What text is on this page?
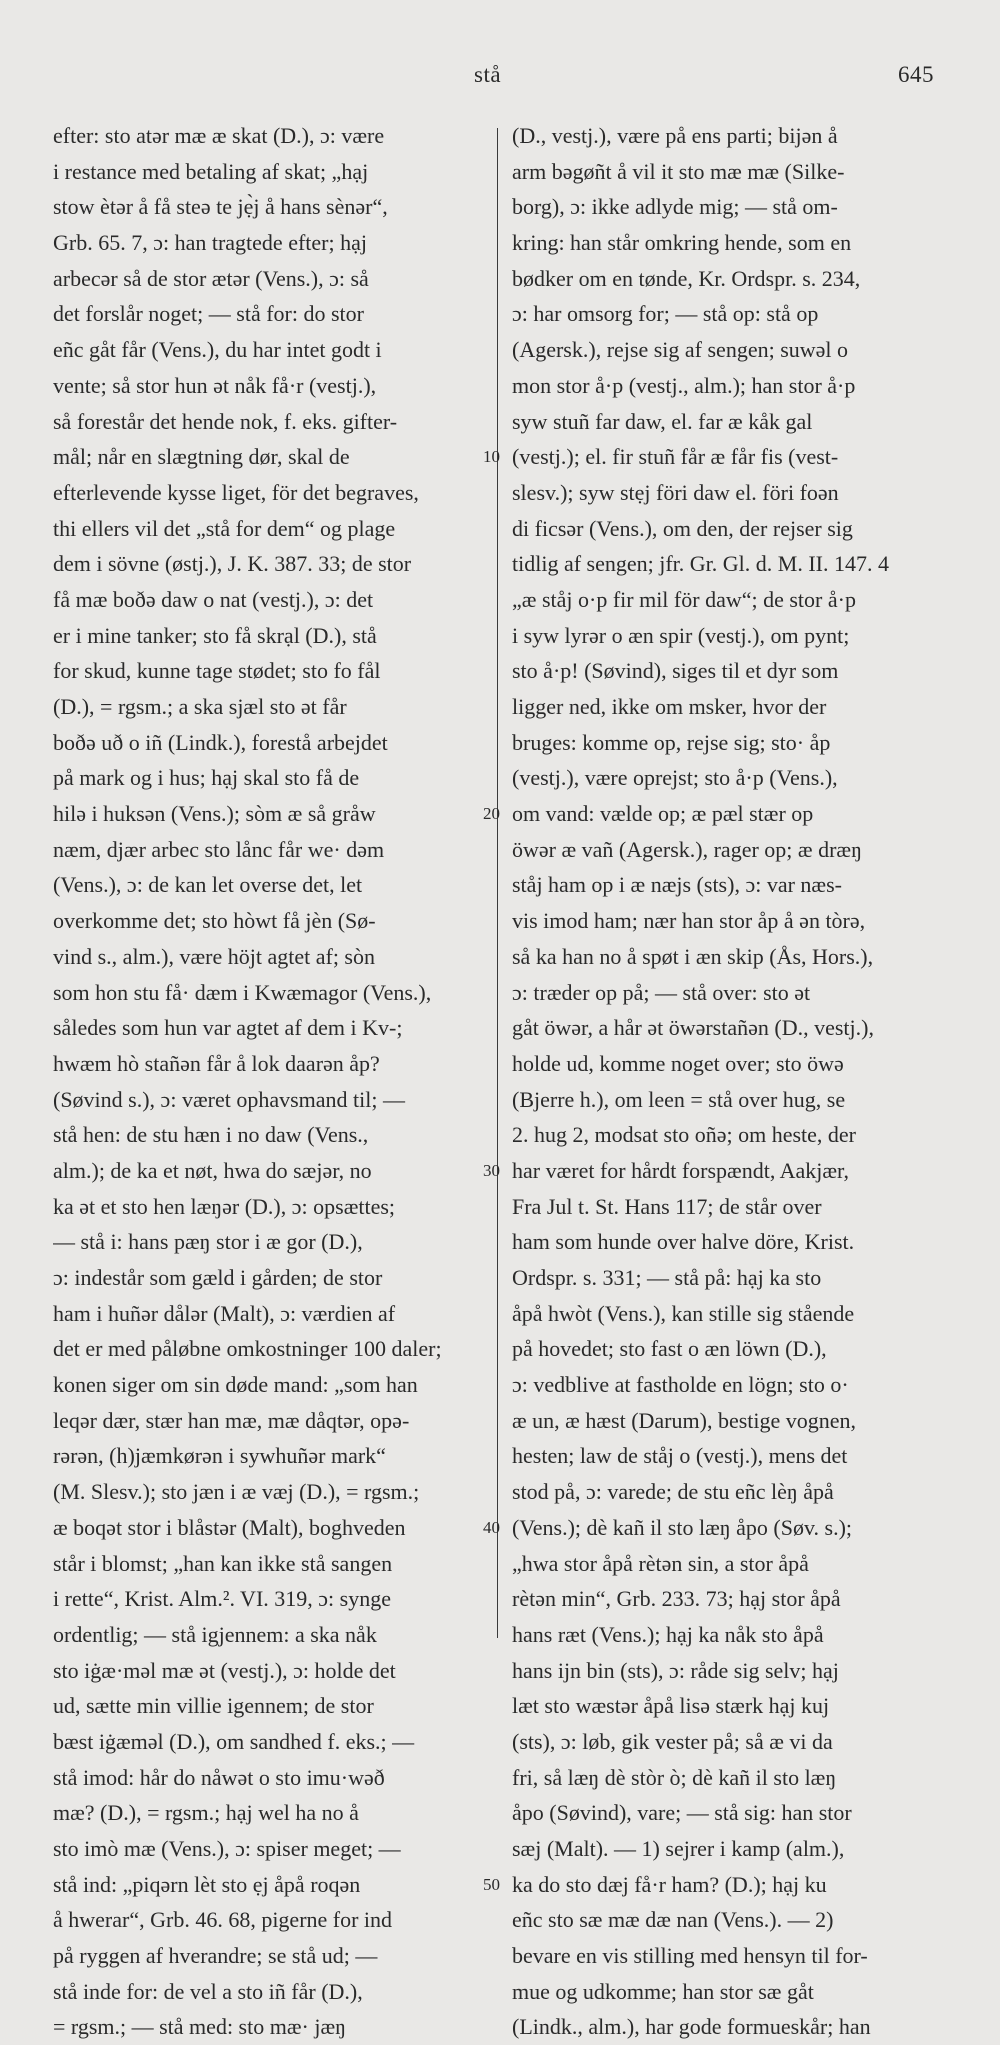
stå	645
efter: sto atər mæ æ skat (D.), ɔ: være
i restance med betaling af skat; „hạj
stow ètər å få steə te jẹ̀j å hans sènər“,
Grb. 65. 7, ɔ: han tragtede efter; hạj
arbecər så de stor ætər (Vens.), ɔ: så
det forslår noget; — stå for: do stor
eñc gåt får (Vens.), du har intet godt i
vente; så stor hun ət nåk få·r (vestj.),
så forestår det hende nok, f. eks. gifter-
mål; når en slægtning dør, skal de
efterlevende kysse liget, för det begraves,
thi ellers vil det „stå for dem“ og plage
dem i sövne (østj.), J. K. 387. 33; de stor
få mæ boðə daw o nat (vestj.), ɔ: det
er i mine tanker; sto få skrạl (D.), stå
for skud, kunne tage stødet; sto fo fål
(D.), = rgsm.; a ska sjæl sto ət får
boðə uð o iñ (Lindk.), forestå arbejdet
på mark og i hus; hạj skal sto få de
hilə i huksən (Vens.); sòm æ så gråw
næm, djær arbec sto lånc får we· dəm
(Vens.), ɔ: de kan let overse det, let
overkomme det; sto hòwt få jèn (Sø-
vind s., alm.), være höjt agtet af; sòn
som hon stu få· dæm i Kwæmagor (Vens.),
således som hun var agtet af dem i Kv-;
hwæm hò stañən får å lok daarən åp?
(Søvind s.), ɔ: været ophavsmand til; —
stå hen: de stu hæn i no daw (Vens.,
alm.); de ka et nøt, hwa do sæjər, no
ka ət et sto hen læŋər (D.), ɔ: opsættes;
— stå i: hans pæŋ stor i æ gor (D.),
ɔ: indestår som gæld i gården; de stor
ham i huñər dålər (Malt), ɔ: værdien af
det er med påløbne omkostninger 100 daler;
konen siger om sin døde mand: „som han
leqər dær, stær han mæ, mæ dåqtər, opə-
rərən, (h)jæmkørən i sywhuñər mark“
(M. Slesv.); sto jæn i æ væj (D.), = rgsm.;
æ boqət stor i blåstər (Malt), boghveden
står i blomst; „han kan ikke stå sangen
i rette“, Krist. Alm.². VI. 319, ɔ: synge
ordentlig; — stå igjennem: a ska nåk
sto iġæ·məl mæ ət (vestj.), ɔ: holde det
ud, sætte min villie igennem; de stor
bæst iġæməl (D.), om sandhed f. eks.; —
stå imod: hår do nåwət o sto imu·wəð
mæ? (D.), = rgsm.; hạj wel ha no å
sto imò mæ (Vens.), ɔ: spiser meget; —
stå ind: „piqərn lèt sto ẹj åpå roqən
å hwerar“, Grb. 46. 68, pigerne for ind
på ryggen af hverandre; se stå ud; —
stå inde for: de vel a sto iñ får (D.),
= rgsm.; — stå med: sto mæ· jæŋ
(D., vestj.), være på ens parti; bijən å
arm bəgøñt å vil it sto mæ mæ (Silke-
borg), ɔ: ikke adlyde mig; — stå om-
kring: han står omkring hende, som en
bødker om en tønde, Kr. Ordspr. s. 234,
ɔ: har omsorg for; — stå op: stå op
(Agersk.), rejse sig af sengen; suwəl o
mon stor å·p (vestj., alm.); han stor å·p
syw stuñ far daw, el. far æ kåk gal
(vestj.); el. fir stuñ får æ får fis (vest-
slesv.); syw stẹj föri daw el. föri foən
di ficsər (Vens.), om den, der rejser sig
tidlig af sengen; jfr. Gr. Gl. d. M. II. 147. 4
„æ ståj o·p fir mil för daw“; de stor å·p
i syw lyrər o æn spir (vestj.), om pynt;
sto å·p! (Søvind), siges til et dyr som
ligger ned, ikke om msker, hvor der
bruges: komme op, rejse sig; sto· åp
(vestj.), være oprejst; sto å·p (Vens.),
om vand: vælde op; æ pæl stær op
öwər æ vañ (Agersk.), rager op; æ dræŋ
ståj ham op i æ næjs (sts), ɔ: var næs-
vis imod ham; nær han stor åp å ən tòrə,
så ka han no å spøt i æn skip (Ås, Hors.),
ɔ: træder op på; — stå over: sto ət
gåt öwər, a hår ət öwərstañən (D., vestj.),
holde ud, komme noget over; sto öwə
(Bjerre h.), om leen = stå over hug, se
2. hug 2, modsat sto oñə; om heste, der
har været for hårdt forspændt, Aakjær,
Fra Jul t. St. Hans 117; de står over
ham som hunde over halve döre, Krist.
Ordspr. s. 331; — stå på: hạj ka sto
åpå hwòt (Vens.), kan stille sig stående
på hovedet; sto fast o æn löwn (D.),
ɔ: vedblive at fastholde en lögn; sto o·
æ un, æ hæst (Darum), bestige vognen,
hesten; law de ståj o (vestj.), mens det
stod på, ɔ: varede; de stu eñc lèŋ åpå
(Vens.); dè kañ il sto læŋ åpo (Søv. s.);
„hwa stor åpå rètən sin, a stor åpå
rètən min“, Grb. 233. 73; hạj stor åpå
hans ræt (Vens.); hạj ka nåk sto åpå
hans ijn bin (sts), ɔ: råde sig selv; hạj
læt sto wæstər åpå lisə stærk hạj kuj
(sts), ɔ: løb, gik vester på; så æ vi da
fri, så læŋ dè stòr ò; dè kañ il sto læŋ
åpo (Søvind), vare; — stå sig: han stor
sæj (Malt). — 1) sejrer i kamp (alm.),
ka do sto dæj få·r ham? (D.); hạj ku
eñc sto sæ mæ dæ nan (Vens.). — 2)
bevare en vis stilling med hensyn til for-
mue og udkomme; han stor sæ gåt
(Lindk., alm.), har gode formueskår; han
10
20
30
40
50
